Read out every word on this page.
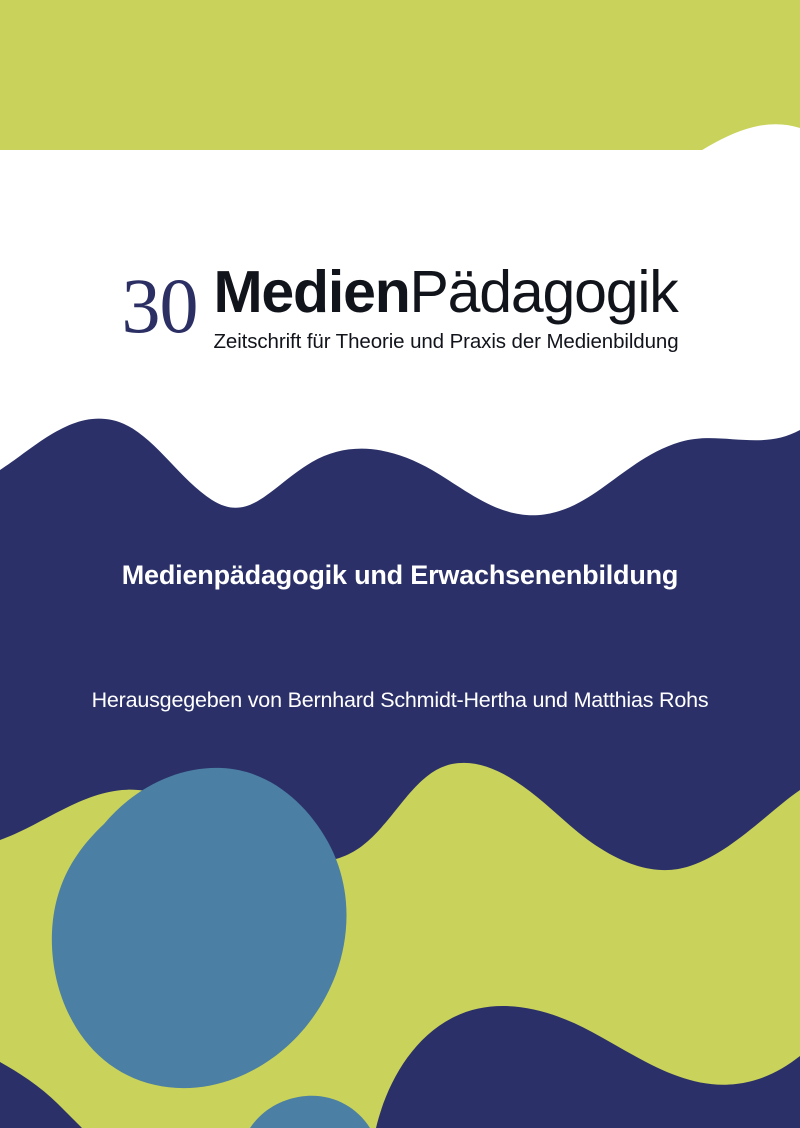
30 MedienPädagogik
Zeitschrift für Theorie und Praxis der Medienbildung
Medienpädagogik und Erwachsenenbildung
Herausgegeben von Bernhard Schmidt-Hertha und Matthias Rohs
